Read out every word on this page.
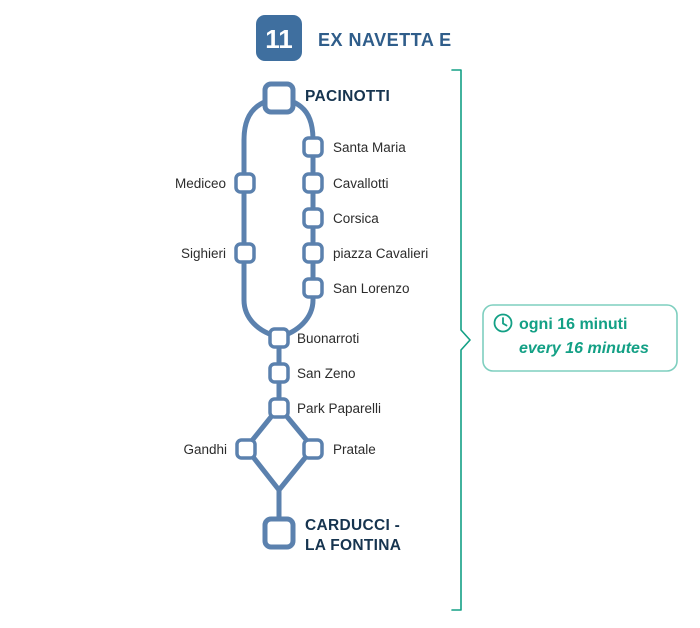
11 EX NAVETTA E
PACINOTTI
CARDUCCI -
LA FONTINA
Santa Maria
Cavallotti
Corsica
piazza Cavalieri
San Lorenzo
Mediceo
Sighieri
Buonarroti
San Zeno
Park Paparelli
Pratale
Gandhi
ogni 16 minuti
every 16 minutes
